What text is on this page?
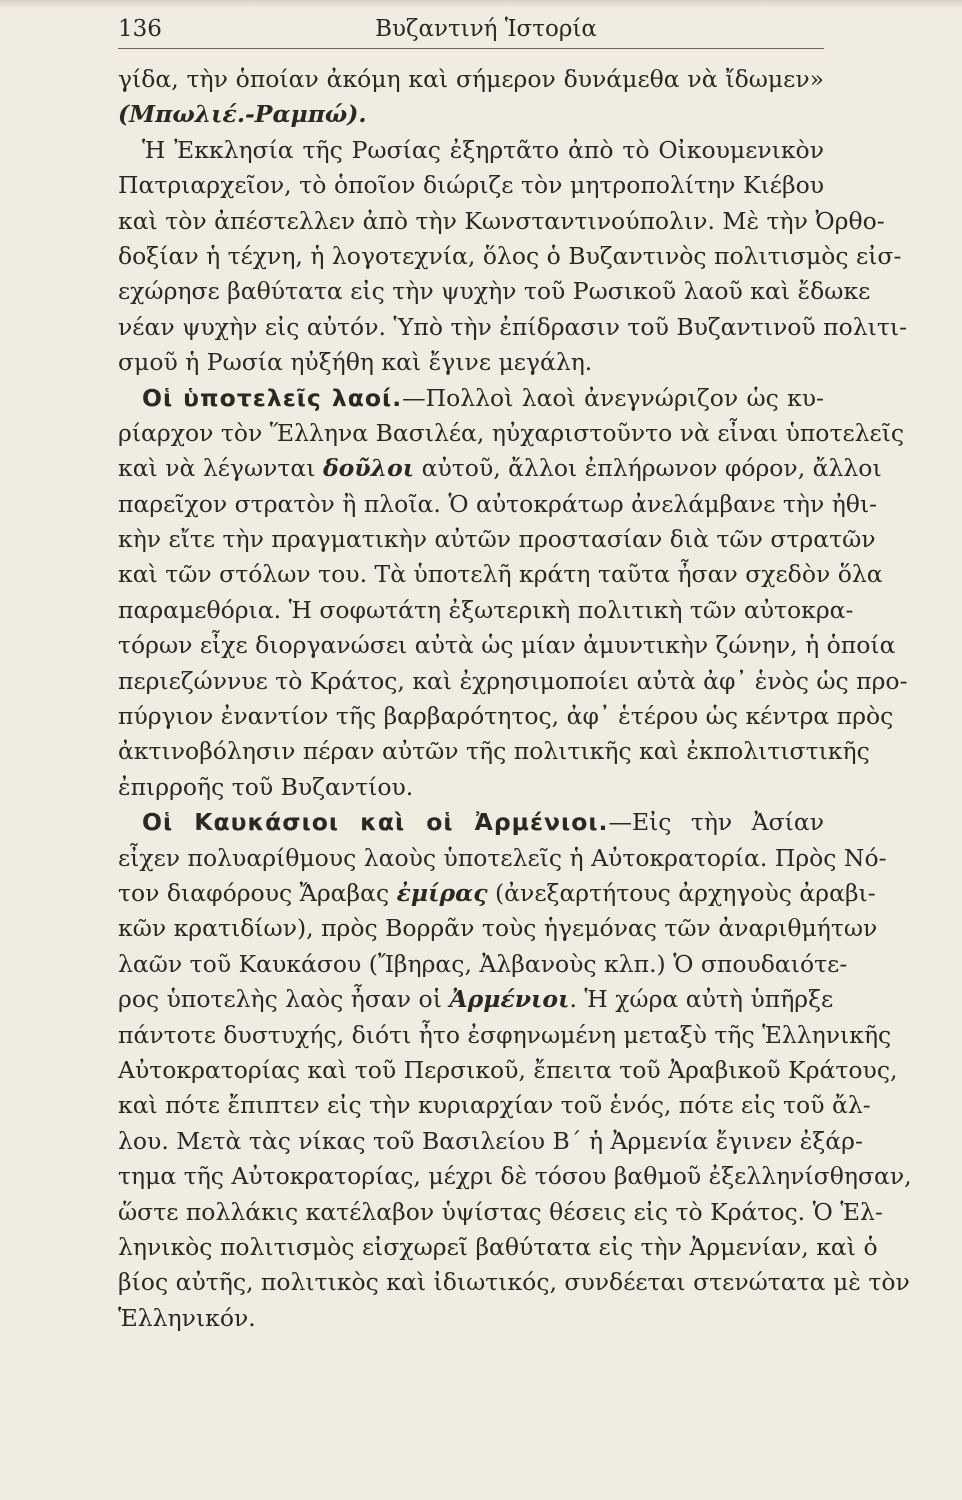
136	Βυζαντινή Ἱστορία
γίδα, τὴν ὁποίαν ἀκόμη καὶ σήμερον δυνάμεθα νὰ ἴδωμεν»
(Μπωλιέ.-Ραμπώ).
Ἡ Ἐκκλησία τῆς Ρωσίας ἐξηρτᾶτο ἀπὸ τὸ Οἰκουμενικὸν
Πατριαρχεῖον, τὸ ὁποῖον διώριζε τὸν μητροπολίτην Κιέβου
καὶ τὸν ἀπέστελλεν ἀπὸ τὴν Κωνσταντινούπολιν. Μὲ τὴν Ὀρθο-
δοξίαν ἡ τέχνη, ἡ λογοτεχνία, ὅλος ὁ Βυζαντινὸς πολιτισμὸς εἰσ-
εχώρησε βαθύτατα εἰς τὴν ψυχὴν τοῦ Ρωσικοῦ λαοῦ καὶ ἔδωκε
νέαν ψυχὴν εἰς αὐτόν. Ὑπὸ τὴν ἐπίδρασιν τοῦ Βυζαντινοῦ πολιτι-
σμοῦ ἡ Ρωσία ηὐξήθη καὶ ἔγινε μεγάλη.
Οἱ ὑποτελεῖς λαοί.—Πολλοὶ λαοὶ ἀνεγνώριζον ὡς κυ-
ρίαρχον τὸν Ἕλληνα Βασιλέα, ηὐχαριστοῦντο νὰ εἶναι ὑποτελεῖς
καὶ νὰ λέγωνται δοῦλοι αὐτοῦ, ἄλλοι ἐπλήρωνον φόρον, ἄλλοι
παρεῖχον στρατὸν ἢ πλοῖα. Ὁ αὐτοκράτωρ ἀνελάμβανε τὴν ἠθι-
κὴν εἴτε τὴν πραγματικὴν αὐτῶν προστασίαν διὰ τῶν στρατῶν
καὶ τῶν στόλων του. Τὰ ὑποτελῆ κράτη ταῦτα ἦσαν σχεδὸν ὅλα
παραμεθόρια. Ἡ σοφωτάτη ἐξωτερικὴ πολιτικὴ τῶν αὐτοκρα-
τόρων εἶχε διοργανώσει αὐτὰ ὡς μίαν ἀμυντικὴν ζώνην, ἡ ὁποία
περιεζώννυε τὸ Κράτος, καὶ ἐχρησιμοποίει αὐτὰ ἀφ᾽ ἑνὸς ὡς προ-
πύργιον ἐναντίον τῆς βαρβαρότητος, ἀφ᾽ ἑτέρου ὡς κέντρα πρὸς
ἀκτινοβόλησιν πέραν αὐτῶν τῆς πολιτικῆς καὶ ἐκπολιτιστικῆς
ἐπιρροῆς τοῦ Βυζαντίου.
Οἱ Καυκάσιοι καὶ οἱ Ἀρμένιοι.—Εἰς τὴν Ἀσίαν
εἶχεν πολυαρίθμους λαοὺς ὑποτελεῖς ἡ Αὐτοκρατορία. Πρὸς Νό-
τον διαφόρους Ἄραβας ἐμίρας (ἀνεξαρτήτους ἀρχηγοὺς ἀραβι-
κῶν κρατιδίων), πρὸς Βορρᾶν τοὺς ἡγεμόνας τῶν ἀναριθμήτων
λαῶν τοῦ Καυκάσου (Ἴβηρας, Ἀλβανοὺς κλπ.) Ὁ σπουδαιότε-
ρος ὑποτελὴς λαὸς ἦσαν οἱ Ἀρμένιοι. Ἡ χώρα αὐτὴ ὑπῆρξε
πάντοτε δυστυχής, διότι ἦτο ἐσφηνωμένη μεταξὺ τῆς Ἑλληνικῆς
Αὐτοκρατορίας καὶ τοῦ Περσικοῦ, ἔπειτα τοῦ Ἀραβικοῦ Κράτους,
καὶ πότε ἔπιπτεν εἰς τὴν κυριαρχίαν τοῦ ἑνός, πότε εἰς τοῦ ἄλ-
λου. Μετὰ τὰς νίκας τοῦ Βασιλείου Β΄ ἡ Ἀρμενία ἔγινεν ἐξάρ-
τημα τῆς Αὐτοκρατορίας, μέχρι δὲ τόσου βαθμοῦ ἐξελληνίσθησαν,
ὥστε πολλάκις κατέλαβον ὑψίστας θέσεις εἰς τὸ Κράτος. Ὁ Ἑλ-
ληνικὸς πολιτισμὸς εἰσχωρεῖ βαθύτατα εἰς τὴν Ἀρμενίαν, καὶ ὁ
βίος αὐτῆς, πολιτικὸς καὶ ἰδιωτικός, συνδέεται στενώτατα μὲ τὸν
Ἑλληνικόν.
